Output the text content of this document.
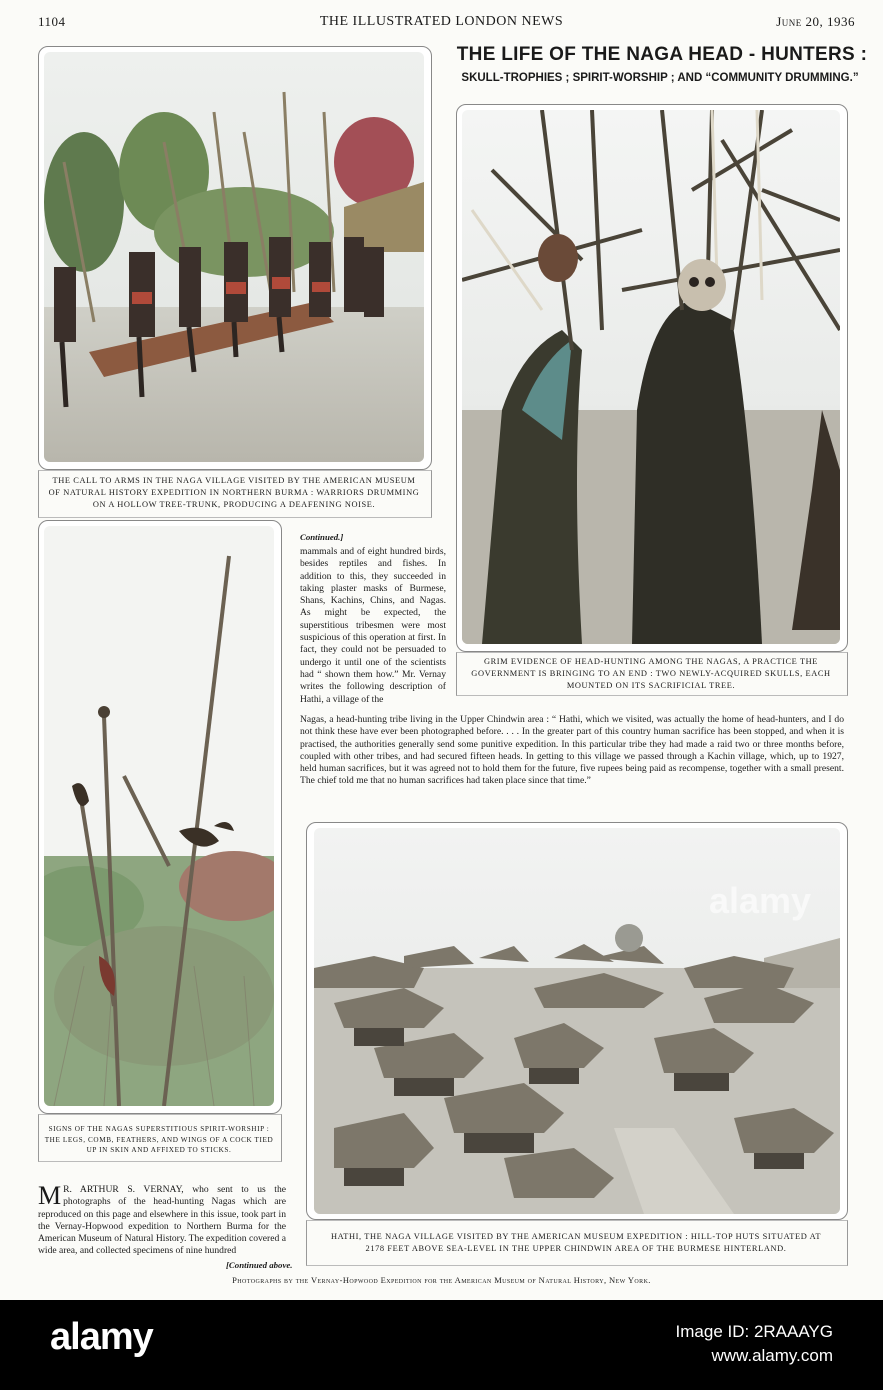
1104	THE ILLUSTRATED LONDON NEWS	June 20, 1936
THE LIFE OF THE NAGA HEAD - HUNTERS :
SKULL-TROPHIES ; SPIRIT-WORSHIP ; AND “COMMUNITY DRUMMING.”
THE CALL TO ARMS IN THE NAGA VILLAGE VISITED BY THE AMERICAN MUSEUM OF NATURAL HISTORY EXPEDITION IN NORTHERN BURMA : WARRIORS DRUMMING ON A HOLLOW TREE-TRUNK, PRODUCING A DEAFENING NOISE.
GRIM EVIDENCE OF HEAD-HUNTING AMONG THE NAGAS, A PRACTICE THE GOVERNMENT IS BRINGING TO AN END : TWO NEWLY-ACQUIRED SKULLS, EACH MOUNTED ON ITS SACRIFICIAL TREE.
SIGNS OF THE NAGAS SUPERSTITIOUS SPIRIT-WORSHIP : THE LEGS, COMB, FEATHERS, AND WINGS OF A COCK TIED UP IN SKIN AND AFFIXED TO STICKS.
alamy
HATHI, THE NAGA VILLAGE VISITED BY THE AMERICAN MUSEUM EXPEDITION : HILL-TOP HUTS SITUATED AT 2178 FEET ABOVE SEA-LEVEL IN THE UPPER CHINDWIN AREA OF THE BURMESE HINTERLAND.
Continued.]
mammals and of eight hundred birds, besides reptiles and fishes. In addition to this, they succeeded in taking plaster masks of Burmese, Shans, Kachins, Chins, and Nagas. As might be expected, the superstitious tribesmen were most suspicious of this operation at first. In fact, they could not be persuaded to undergo it until one of the scientists had “ shown them how.” Mr. Vernay writes the following description of Hathi, a village of the
Nagas, a head-hunting tribe living in the Upper Chindwin area : “ Hathi, which we visited, was actually the home of head-hunters, and I do not think these have ever been photographed before. . . . In the greater part of this country human sacrifice has been stopped, and when it is practised, the authorities generally send some punitive expedition. In this particular tribe they had made a raid two or three months before, coupled with other tribes, and had secured fifteen heads. In getting to this village we passed through a Kachin village, which, up to 1927, held human sacrifices, but it was agreed not to hold them for the future, five rupees being paid as recompense, together with a small present. The chief told me that no human sacrifices had taken place since that time.”
M R. ARTHUR S. VERNAY, who sent to us the photographs of the head-hunting Nagas which are reproduced on this page and elsewhere in this issue, took part in the Vernay-Hopwood expedition to Northern Burma for the American Museum of Natural History. The expedition covered a wide area, and collected specimens of nine hundred
[Continued above.
Photographs by the Vernay-Hopwood Expedition for the American Museum of Natural History, New York.
alamy	Image ID: 2RAAAYG
www.alamy.com
